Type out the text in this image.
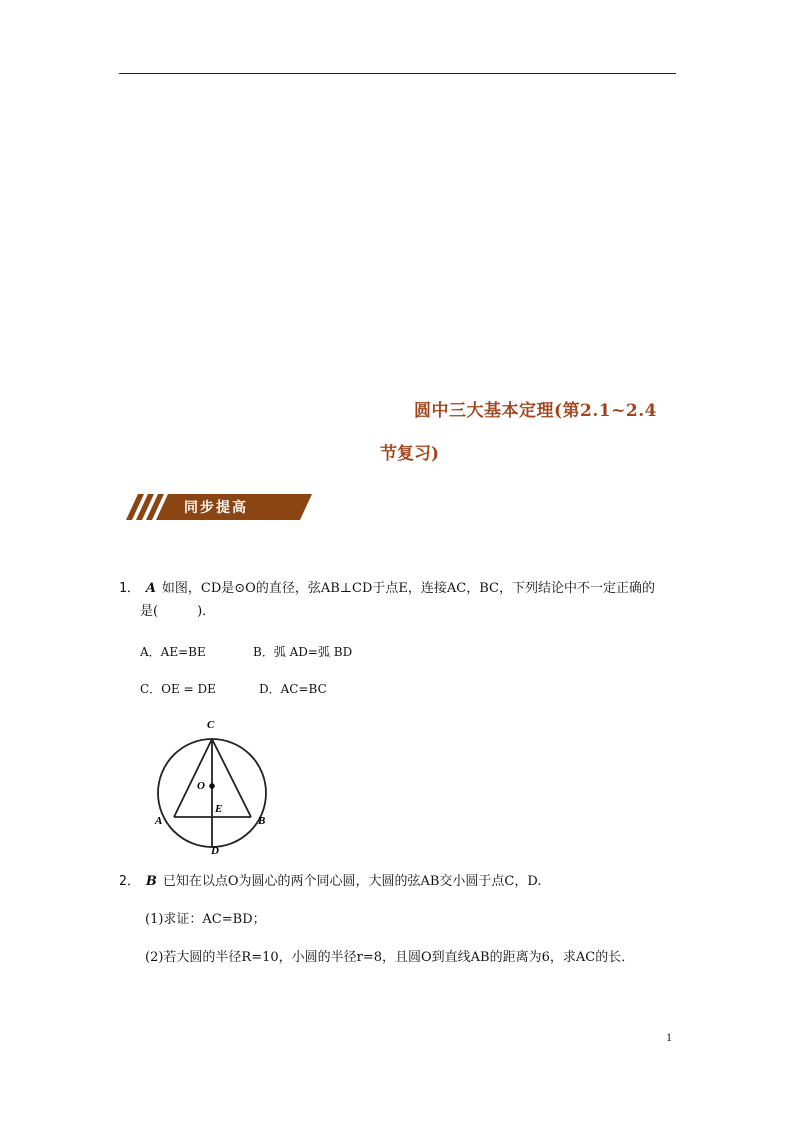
圆中三大基本定理(第2.1~2.4
节复习)
同步提高
1． A 如图，CD是⊙O的直径，弦AB⊥CD于点E，连接AC，BC，下列结论中不一定正确的
是(　　　)．
A．AE=BE	B．弧 AD=弧 BD
C．OE = DE	D．AC=BC
C
O
E
A	B
D
2． B 已知在以点O为圆心的两个同心圆，大圆的弦AB交小圆于点C，D.
(1)求证：AC=BD；
(2)若大圆的半径R=10，小圆的半径r=8，且圆O到直线AB的距离为6，求AC的长．
1
